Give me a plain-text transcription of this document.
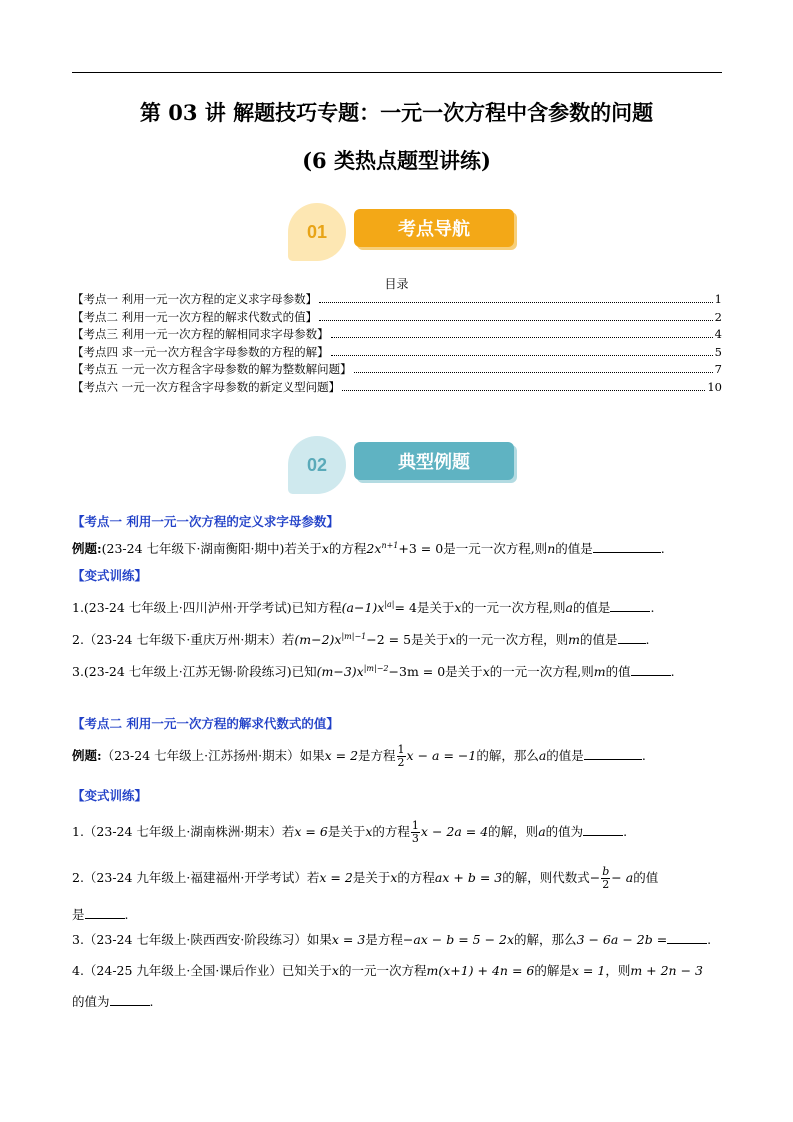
第 03 讲 解题技巧专题：一元一次方程中含参数的问题
(6 类热点题型讲练)
01	考点导航
目录
【考点一 利用一元一次方程的定义求字母参数】	1
【考点二 利用一元一次方程的解求代数式的值】	2
【考点三 利用一元一次方程的解相同求字母参数】	4
【考点四 求一元一次方程含字母参数的方程的解】	5
【考点五 一元一次方程含字母参数的解为整数解问题】	7
【考点六 一元一次方程含字母参数的新定义型问题】	10
02	典型例题
【考点一 利用一元一次方程的定义求字母参数】
例题:(23-24 七年级下·湖南衡阳·期中)若关于x的方程$2x^{n+1}+3 = 0$是一元一次方程,则n的值是	.
【变式训练】
1.(23-24 七年级上·四川泸州·开学考试)已知方程$(a-1)x^{|a|}= 4$是关于x的一元一次方程,则a的值是	.
2.（23-24 七年级下·重庆万州·期末）若$(m-2)x^{|m|-1}-2 = 5$是关于x的一元一次方程，则m的值是 .
3.(23-24 七年级上·江苏无锡·阶段练习)已知$(m-3)x^{|m|-2}-3m = 0$是关于x的一元一次方程,则m的值	.
【考点二 利用一元一次方程的解求代数式的值】
例题:（23-24 七年级上·江苏扬州·期末）如果x = 2是方程 $\frac{1}{2}$ x − a = −1的解，那么a的值是	.
【变式训练】
1.（23-24 七年级上·湖南株洲·期末）若x = 6是关于x的方程 $\frac{1}{3}$ x − 2a = 4的解，则a的值为	.
2.（23-24 九年级上·福建福州·开学考试）若x = 2是关于x的方程ax + b = 3的解，则代数式− $\frac{b}{2} - a$的值
是	.
3.（23-24 七年级上·陕西西安·阶段练习）如果x = 3是方程−ax − b = 5 − 2x的解，那么3 − 6a − 2b =	.
4.（24-25 九年级上·全国·课后作业）已知关于x的一元一次方程m(x+1) + 4n = 6的解是x = 1，则m + 2n − 3
的值为	.
